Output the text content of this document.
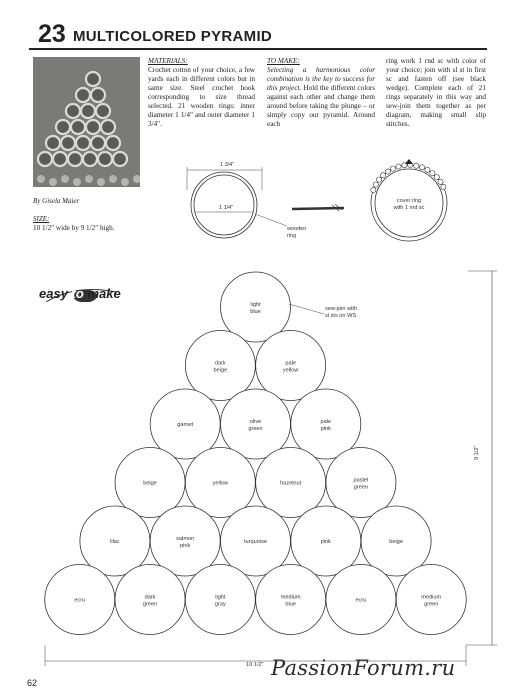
23 MULTICOLORED PYRAMID
By Gisela Maier
SIZE:
10 1/2" wide by 9 1/2" high.
easy to make
MATERIALS:
Crochet cotton of your choice, a few yards each in different colors but in same size. Steel crochet hook corresponding to size thread selected. 21 wooden rings: inner diameter 1 1/4" and outer diameter 1 3/4".
TO MAKE:
Selecting a harmonious color combination is the key to success for this project. Hold the different colors against each other and change them around before taking the plunge – or simply copy our pyramid. Around each
ring work 1 rnd sc with color of your choice; join with sl st in first sc and fasten off (see black wedge). Complete each of 21 rings separately in this way and sew-join them together as per diagram, making small slip stitches.
1 3/4"
1 1/4"
wooden ring
cover ring with 1 rnd sc
light blue
dark beige
pale yellow
garnet
olive green
pale pink
beige	yellow	hazelnut
pastel green
lilac
salmon pink
turquoise	pink	beige
ecru
dark green
light gray
medium blue
ecru
medium green
sew-join with sl sts on WS
9 1/2"
10 1/2" PassionForum.ru
62
